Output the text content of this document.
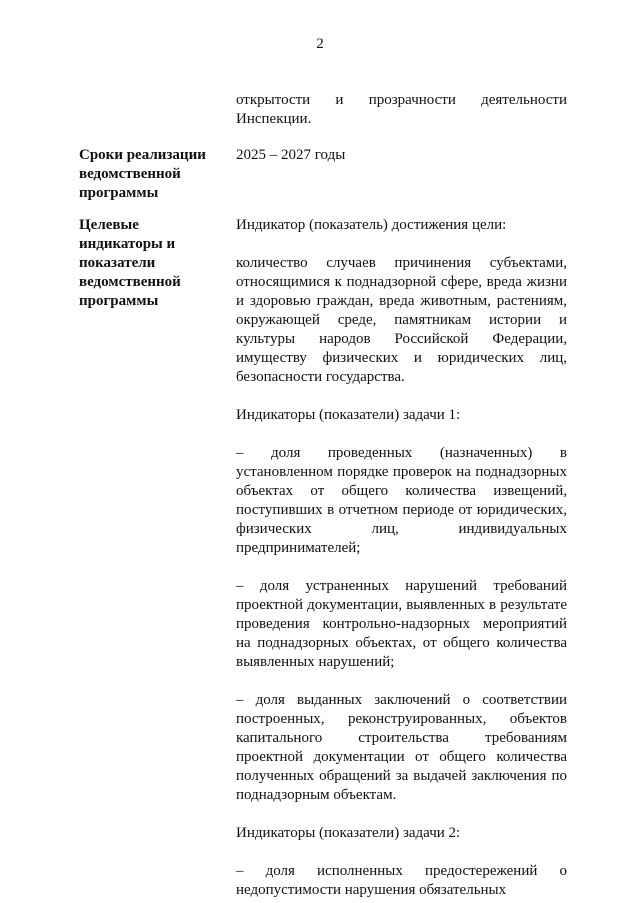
2

открытости и прозрачности деятельности Инспекции.

Сроки реализации ведомственной программы

2025 – 2027 годы

Целевые индикаторы и показатели ведомственной программы

Индикатор (показатель) достижения цели:

количество случаев причинения субъектами, относящимися к поднадзорной сфере, вреда жизни и здоровью граждан, вреда животным, растениям, окружающей среде, памятникам истории и культуры народов Российской Федерации, имуществу физических и юридических лиц, безопасности государства.

Индикаторы (показатели) задачи 1:

– доля проведенных (назначенных) в установленном порядке проверок на поднадзорных объектах от общего количества извещений, поступивших в отчетном периоде от юридических, физических лиц, индивидуальных предпринимателей;

– доля устраненных нарушений требований проектной документации, выявленных в результате проведения контрольно-надзорных мероприятий на поднадзорных объектах, от общего количества выявленных нарушений;

– доля выданных заключений о соответствии построенных, реконструированных, объектов капитального строительства требованиям проектной документации от общего количества полученных обращений за выдачей заключения по поднадзорным объектам.

Индикаторы (показатели) задачи 2:

– доля исполненных предостережений о недопустимости нарушения обязательных
